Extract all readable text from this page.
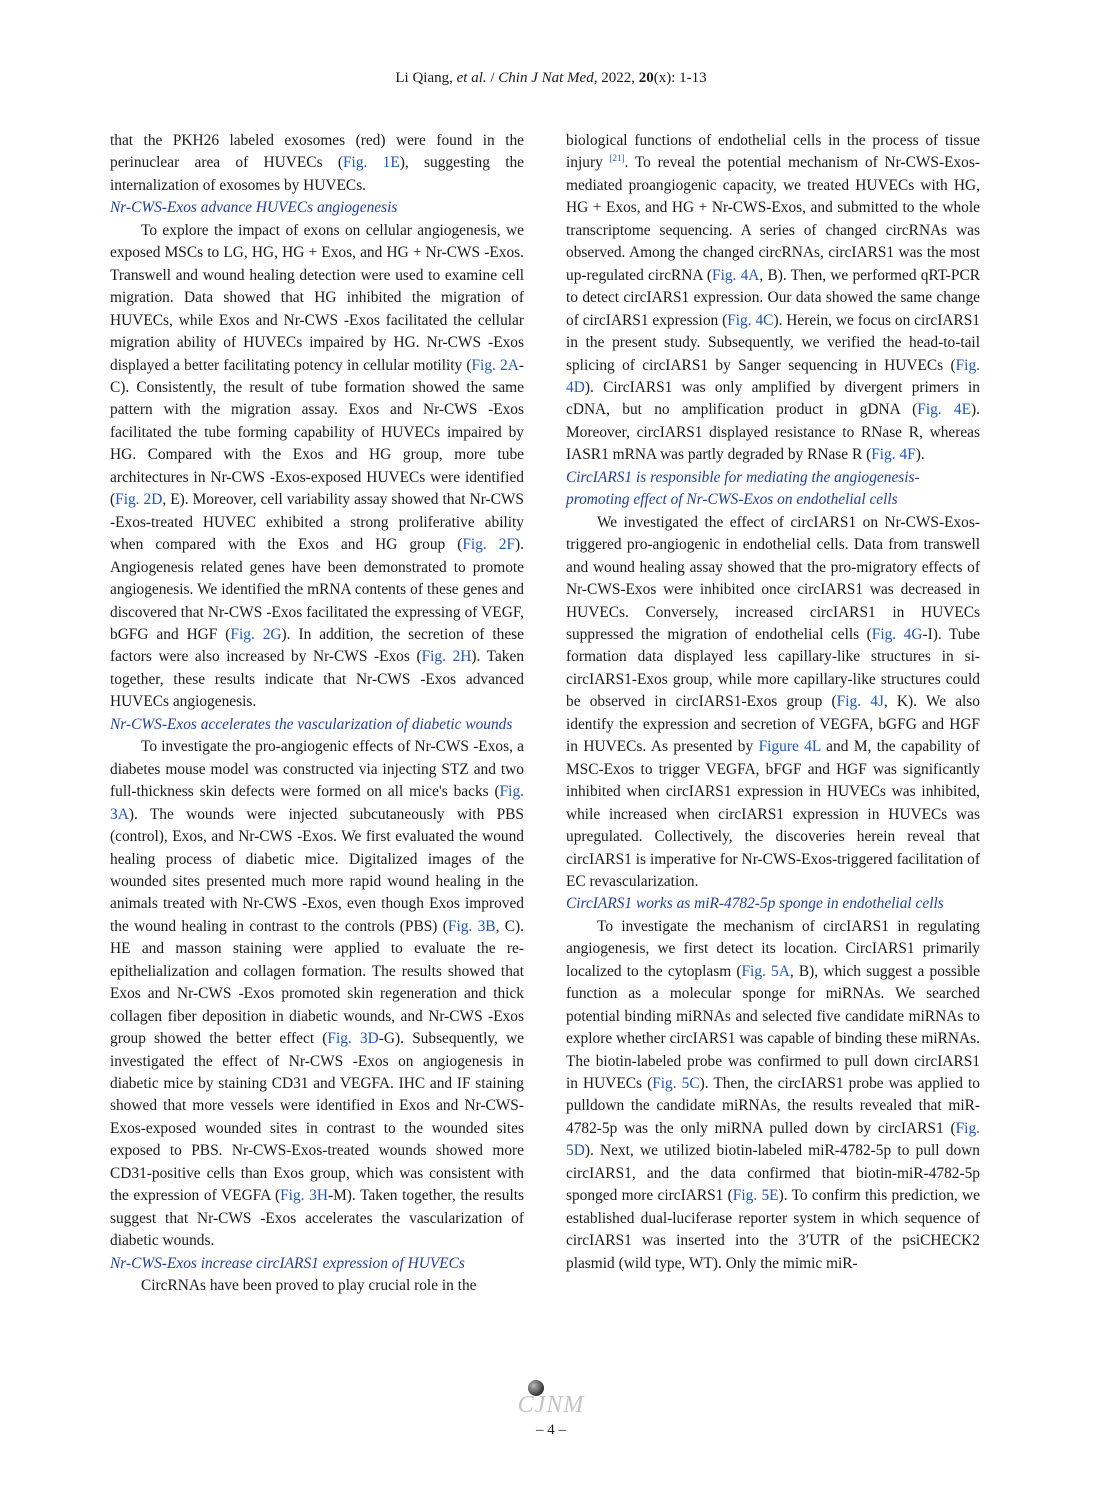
Li Qiang, et al. / Chin J Nat Med, 2022, 20(x): 1-13

that the PKH26 labeled exosomes (red) were found in the perinuclear area of HUVECs (Fig. 1E), suggesting the internalization of exosomes by HUVECs.

Nr-CWS-Exos advance HUVECs angiogenesis

To explore the impact of exons on cellular angiogenesis, we exposed MSCs to LG, HG, HG + Exos, and HG + Nr-CWS -Exos. Transwell and wound healing detection were used to examine cell migration. Data showed that HG inhibited the migration of HUVECs, while Exos and Nr-CWS -Exos facilitated the cellular migration ability of HUVECs impaired by HG. Nr-CWS -Exos displayed a better facilitating potency in cellular motility (Fig. 2A-C). Consistently, the result of tube formation showed the same pattern with the migration assay. Exos and Nr-CWS -Exos facilitated the tube forming capability of HUVECs impaired by HG. Compared with the Exos and HG group, more tube architectures in Nr-CWS -Exos-exposed HUVECs were identified (Fig. 2D, E). Moreover, cell variability assay showed that Nr-CWS -Exos-treated HUVEC exhibited a strong proliferative ability when compared with the Exos and HG group (Fig. 2F). Angiogenesis related genes have been demonstrated to promote angiogenesis. We identified the mRNA contents of these genes and discovered that Nr-CWS -Exos facilitated the expressing of VEGF, bGFG and HGF (Fig. 2G). In addition, the secretion of these factors were also increased by Nr-CWS -Exos (Fig. 2H). Taken together, these results indicate that Nr-CWS -Exos advanced HUVECs angiogenesis.

Nr-CWS-Exos accelerates the vascularization of diabetic wounds

To investigate the pro-angiogenic effects of Nr-CWS -Exos, a diabetes mouse model was constructed via injecting STZ and two full-thickness skin defects were formed on all mice's backs (Fig. 3A). The wounds were injected subcutaneously with PBS (control), Exos, and Nr-CWS -Exos. We first evaluated the wound healing process of diabetic mice. Digitalized images of the wounded sites presented much more rapid wound healing in the animals treated with Nr-CWS -Exos, even though Exos improved the wound healing in contrast to the controls (PBS) (Fig. 3B, C). HE and masson staining were applied to evaluate the re-epithelialization and collagen formation. The results showed that Exos and Nr-CWS -Exos promoted skin regeneration and thick collagen fiber deposition in diabetic wounds, and Nr-CWS -Exos group showed the better effect (Fig. 3D-G). Subsequently, we investigated the effect of Nr-CWS -Exos on angiogenesis in diabetic mice by staining CD31 and VEGFA. IHC and IF staining showed that more vessels were identified in Exos and Nr-CWS-Exos-exposed wounded sites in contrast to the wounded sites exposed to PBS. Nr-CWS-Exos-treated wounds showed more CD31-positive cells than Exos group, which was consistent with the expression of VEGFA (Fig. 3H-M). Taken together, the results suggest that Nr-CWS -Exos accelerates the vascularization of diabetic wounds.

Nr-CWS-Exos increase circIARS1 expression of HUVECs

CircRNAs have been proved to play crucial role in the

biological functions of endothelial cells in the process of tissue injury [21]. To reveal the potential mechanism of Nr-CWS-Exos-mediated proangiogenic capacity, we treated HUVECs with HG, HG + Exos, and HG + Nr-CWS-Exos, and submitted to the whole transcriptome sequencing. A series of changed circRNAs was observed. Among the changed circRNAs, circIARS1 was the most up-regulated circRNA (Fig. 4A, B). Then, we performed qRT-PCR to detect circIARS1 expression. Our data showed the same change of circIARS1 expression (Fig. 4C). Herein, we focus on circIARS1 in the present study. Subsequently, we verified the head-to-tail splicing of circIARS1 by Sanger sequencing in HUVECs (Fig. 4D). CircIARS1 was only amplified by divergent primers in cDNA, but no amplification product in gDNA (Fig. 4E). Moreover, circIARS1 displayed resistance to RNase R, whereas IASR1 mRNA was partly degraded by RNase R (Fig. 4F).

CircIARS1 is responsible for mediating the angiogenesis-promoting effect of Nr-CWS-Exos on endothelial cells

We investigated the effect of circIARS1 on Nr-CWS-Exos-triggered pro-angiogenic in endothelial cells. Data from transwell and wound healing assay showed that the pro-migratory effects of Nr-CWS-Exos were inhibited once circIARS1 was decreased in HUVECs. Conversely, increased circIARS1 in HUVECs suppressed the migration of endothelial cells (Fig. 4G-I). Tube formation data displayed less capillary-like structures in si-circIARS1-Exos group, while more capillary-like structures could be observed in circIARS1-Exos group (Fig. 4J, K). We also identify the expression and secretion of VEGFA, bGFG and HGF in HUVECs. As presented by Figure 4L and M, the capability of MSC-Exos to trigger VEGFA, bFGF and HGF was significantly inhibited when circIARS1 expression in HUVECs was inhibited, while increased when circIARS1 expression in HUVECs was upregulated. Collectively, the discoveries herein reveal that circIARS1 is imperative for Nr-CWS-Exos-triggered facilitation of EC revascularization.

CircIARS1 works as miR-4782-5p sponge in endothelial cells

To investigate the mechanism of circIARS1 in regulating angiogenesis, we first detect its location. CircIARS1 primarily localized to the cytoplasm (Fig. 5A, B), which suggest a possible function as a molecular sponge for miRNAs. We searched potential binding miRNAs and selected five candidate miRNAs to explore whether circIARS1 was capable of binding these miRNAs. The biotin-labeled probe was confirmed to pull down circIARS1 in HUVECs (Fig. 5C). Then, the circIARS1 probe was applied to pulldown the candidate miRNAs, the results revealed that miR-4782-5p was the only miRNA pulled down by circIARS1 (Fig. 5D). Next, we utilized biotin-labeled miR-4782-5p to pull down circIARS1, and the data confirmed that biotin-miR-4782-5p sponged more circIARS1 (Fig. 5E). To confirm this prediction, we established dual-luciferase reporter system in which sequence of circIARS1 was inserted into the 3′UTR of the psiCHECK2 plasmid (wild type, WT). Only the mimic miR-

CJNM
– 4 –
